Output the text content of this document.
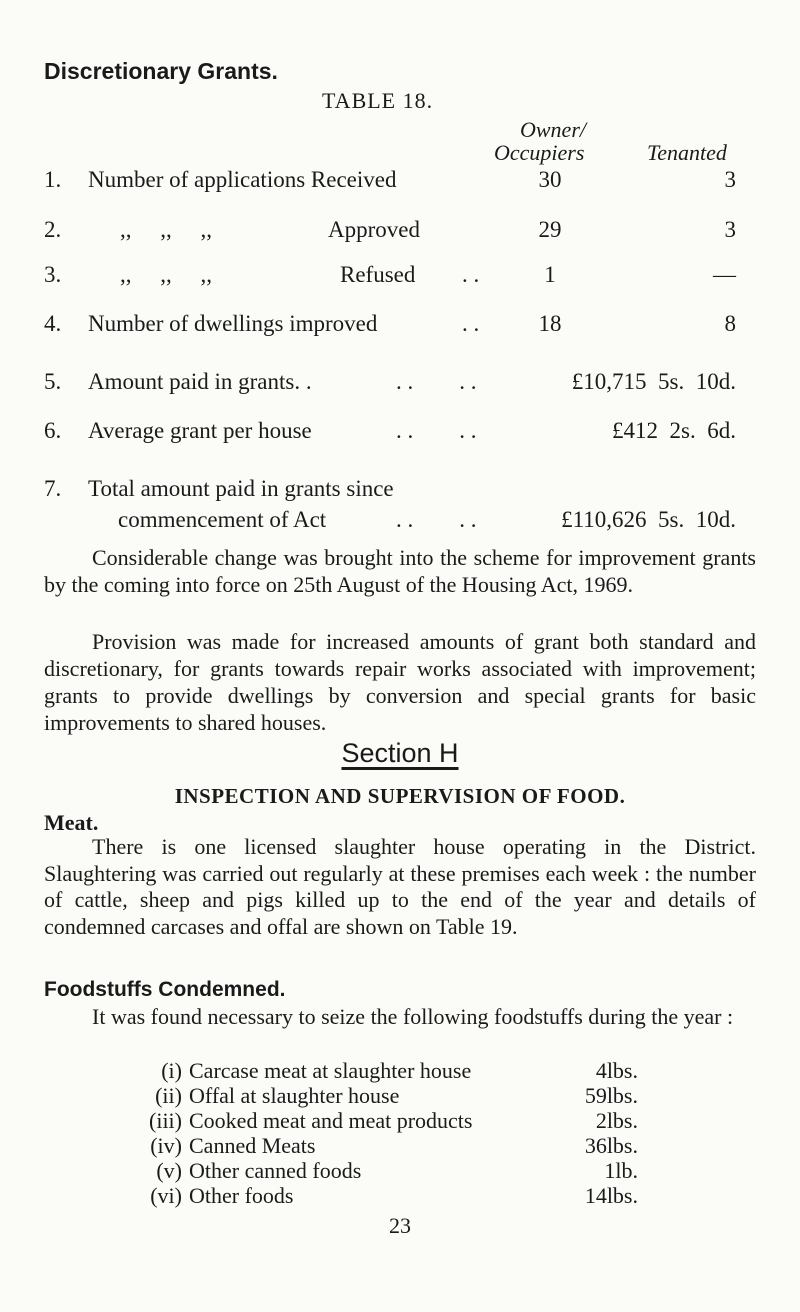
Discretionary Grants.
TABLE 18.
Owner/
Occupiers	Tenanted
1. Number of applications Received	30	3
2.	,,     ,,     ,,	Approved	29	3
3.	,,     ,,     ,,	Refused . .	1	—
4. Number of dwellings improved	. .	18	8
5. Amount paid in grants. .	. .        . .	£10,715  5s.  10d.
6. Average grant per house	. .        . .	£412  2s.  6d.
7. Total amount paid in grants since
commencement of Act	. .        . .	£110,626  5s.  10d.
Considerable change was brought into the scheme for improvement grants by the coming into force on 25th August of the Housing Act, 1969.
Provision was made for increased amounts of grant both standard and discretionary, for grants towards repair works associated with improvement; grants to provide dwellings by conversion and special grants for basic improvements to shared houses.
Section H
INSPECTION AND SUPERVISION OF FOOD.
Meat.
There is one licensed slaughter house operating in the District. Slaughtering was carried out regularly at these premises each week : the number of cattle, sheep and pigs killed up to the end of the year and details of condemned carcases and offal are shown on Table 19.
Foodstuffs Condemned.
It was found necessary to seize the following foodstuffs during the year :
(i) Carcase meat at slaughter house	4lbs.
(ii) Offal at slaughter house	59lbs.
(iii) Cooked meat and meat products	2lbs.
(iv) Canned Meats	36lbs.
(v) Other canned foods	1lb.
(vi) Other foods	14lbs.
23
